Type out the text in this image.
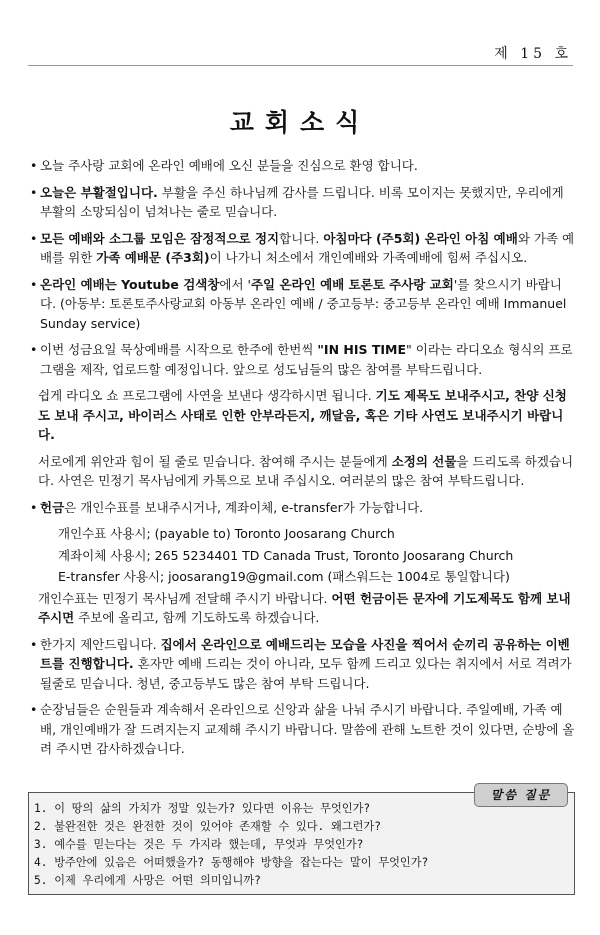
제 15 호
교회소식
• 오늘 주사랑 교회에 온라인 예배에 오신 분들을 진심으로 환영 합니다.
• 오늘은 부활절입니다. 부활을 주신 하나님께 감사를 드립니다. 비록 모이지는 못했지만, 우리에게 부활의 소망되심이 넘쳐나는 줄로 믿습니다.
• 모든 예배와 소그룹 모임은 잠정적으로 정지합니다. 아침마다 (주5회) 온라인 아침 예배와 가족 예배를 위한 가족 예배문 (주3회)이 나가니 처소에서 개인예배와 가족예배에 힘써 주십시오.
• 온라인 예배는 Youtube 검색창에서 '주일 온라인 예배 토론토 주사랑 교회'를 찾으시기 바랍니다. (아동부: 토론토주사랑교회 아동부 온라인 예배 / 중고등부: 중고등부 온라인 예배 Immanuel Sunday service)
• 이번 성금요일 묵상예배를 시작으로 한주에 한번씩 "IN HIS TIME" 이라는 라디오쇼 형식의 프로그램을 제작, 업로드할 예정입니다. 앞으로 성도님들의 많은 참여를 부탁드립니다.
쉽게 라디오 쇼 프로그램에 사연을 보낸다 생각하시면 됩니다. 기도 제목도 보내주시고, 찬양 신청도 보내 주시고, 바이러스 사태로 인한 안부라든지, 깨달음, 혹은 기타 사연도 보내주시기 바랍니다.
서로에게 위안과 힘이 될 줄로 믿습니다. 참여해 주시는 분들에게 소정의 선물을 드리도록 하겠습니다. 사연은 민정기 목사님에게 카톡으로 보내 주십시오. 여러분의 많은 참여 부탁드립니다.
• 헌금은 개인수표를 보내주시거나, 계좌이체, e-transfer가 가능합니다.
개인수표 사용시; (payable to) Toronto Joosarang Church
계좌이체 사용시; 265 5234401 TD Canada Trust, Toronto Joosarang Church
E-transfer 사용시; joosarang19@gmail.com (패스워드는 1004로 통일합니다)
개인수표는 민정기 목사님께 전달해 주시기 바랍니다. 어떤 헌금이든 문자에 기도제목도 함께 보내주시면 주보에 올리고, 함께 기도하도록 하겠습니다.
• 한가지 제안드립니다. 집에서 온라인으로 예배드리는 모습을 사진을 찍어서 순끼리 공유하는 이벤트를 진행합니다. 혼자만 예배 드리는 것이 아니라, 모두 함께 드리고 있다는 취지에서 서로 격려가 될줄로 믿습니다. 청년, 중고등부도 많은 참여 부탁 드립니다.
• 순장님들은 순원들과 계속해서 온라인으로 신앙과 삶을 나눠 주시기 바랍니다. 주일예배, 가족 예배, 개인예배가 잘 드려지는지 교제해 주시기 바랍니다. 말씀에 관해 노트한 것이 있다면, 순방에 올려 주시면 감사하겠습니다.
말씀 질문
1. 이 땅의 삶의 가치가 정말 있는가? 있다면 이유는 무엇인가?
2. 불완전한 것은 완전한 것이 있어야 존재할 수 있다. 왜그런가?
3. 예수를 믿는다는 것은 두 가지라 했는데, 무엇과 무엇인가?
4. 방주안에 있음은 어떠했을가? 동행해야 방향을 잡는다는 말이 무엇인가?
5. 이제 우리에게 사망은 어떤 의미입니까?
